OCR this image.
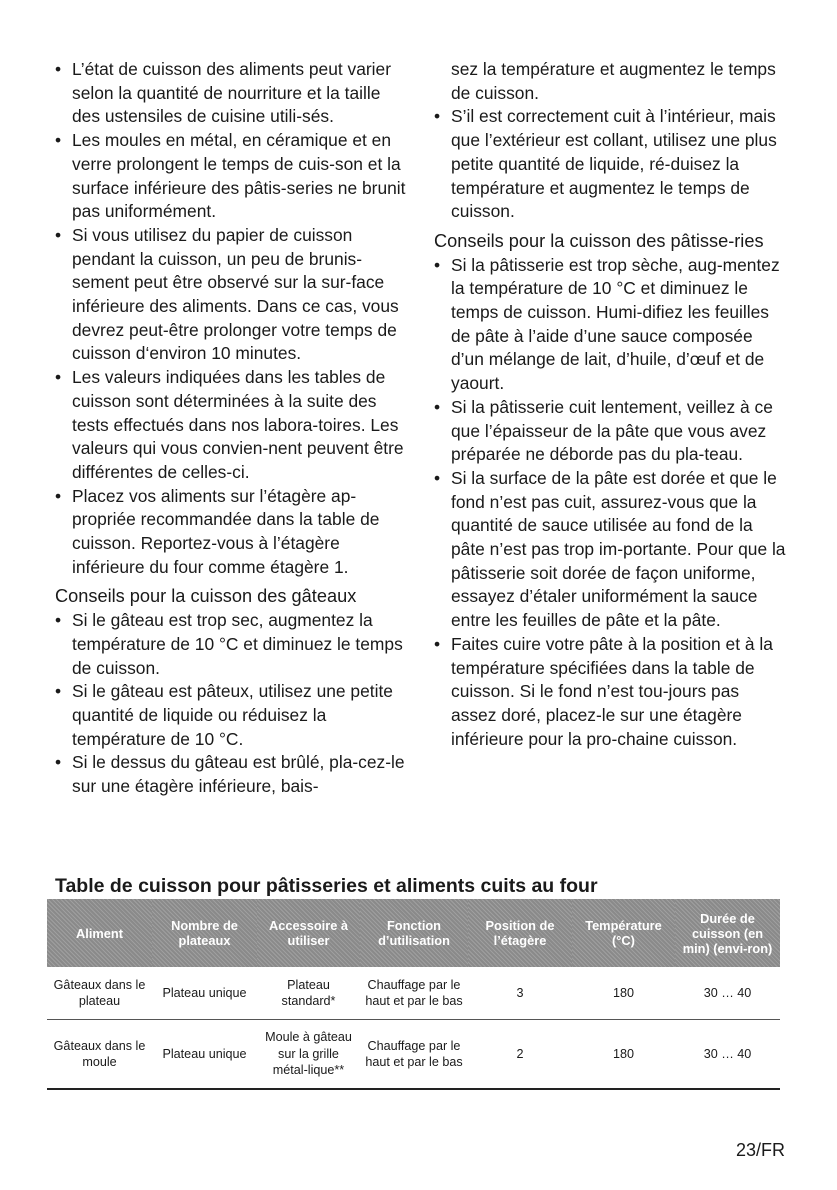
• L’état de cuisson des aliments peut varier selon la quantité de nourriture et la taille des ustensiles de cuisine utili-sés.
• Les moules en métal, en céramique et en verre prolongent le temps de cuis-son et la surface inférieure des pâtis-series ne brunit pas uniformément.
• Si vous utilisez du papier de cuisson pendant la cuisson, un peu de brunis-sement peut être observé sur la sur-face inférieure des aliments. Dans ce cas, vous devrez peut-être prolonger votre temps de cuisson d‘environ 10 minutes.
• Les valeurs indiquées dans les tables de cuisson sont déterminées à la suite des tests effectués dans nos labora-toires. Les valeurs qui vous convien-nent peuvent être différentes de celles-ci.
• Placez vos aliments sur l’étagère ap-propriée recommandée dans la table de cuisson. Reportez-vous à l’étagère inférieure du four comme étagère 1.
Conseils pour la cuisson des gâteaux
• Si le gâteau est trop sec, augmentez la température de 10 °C et diminuez le temps de cuisson.
• Si le gâteau est pâteux, utilisez une petite quantité de liquide ou réduisez la température de 10 °C.
• Si le dessus du gâteau est brûlé, pla-cez-le sur une étagère inférieure, bais-
sez la température et augmentez le temps de cuisson.
• S’il est correctement cuit à l’intérieur, mais que l’extérieur est collant, utilisez une plus petite quantité de liquide, ré-duisez la température et augmentez le temps de cuisson.
Conseils pour la cuisson des pâtisse-ries
• Si la pâtisserie est trop sèche, aug-mentez la température de 10 °C et diminuez le temps de cuisson. Humi-difiez les feuilles de pâte à l’aide d’une sauce composée d’un mélange de lait, d’huile, d’œuf et de yaourt.
• Si la pâtisserie cuit lentement, veillez à ce que l’épaisseur de la pâte que vous avez préparée ne déborde pas du pla-teau.
• Si la surface de la pâte est dorée et que le fond n’est pas cuit, assurez-vous que la quantité de sauce utilisée au fond de la pâte n’est pas trop im-portante. Pour que la pâtisserie soit dorée de façon uniforme, essayez d’étaler uniformément la sauce entre les feuilles de pâte et la pâte.
• Faites cuire votre pâte à la position et à la température spécifiées dans la table de cuisson. Si le fond n’est tou-jours pas assez doré, placez-le sur une étagère inférieure pour la pro-chaine cuisson.
Table de cuisson pour pâtisseries et aliments cuits au four
Aliment	Nombre de plateaux	Accessoire à utiliser	Fonction d’utilisation	Position de l’étagère	Température (°C)	Durée de cuisson (en min) (envi-ron)
Gâteaux dans le plateau	Plateau unique	Plateau standard*	Chauffage par le haut et par le bas	3	180	30 … 40
Gâteaux dans le moule	Plateau unique	Moule à gâteau sur la grille métal-lique**	Chauffage par le haut et par le bas	2	180	30 … 40
23/FR
